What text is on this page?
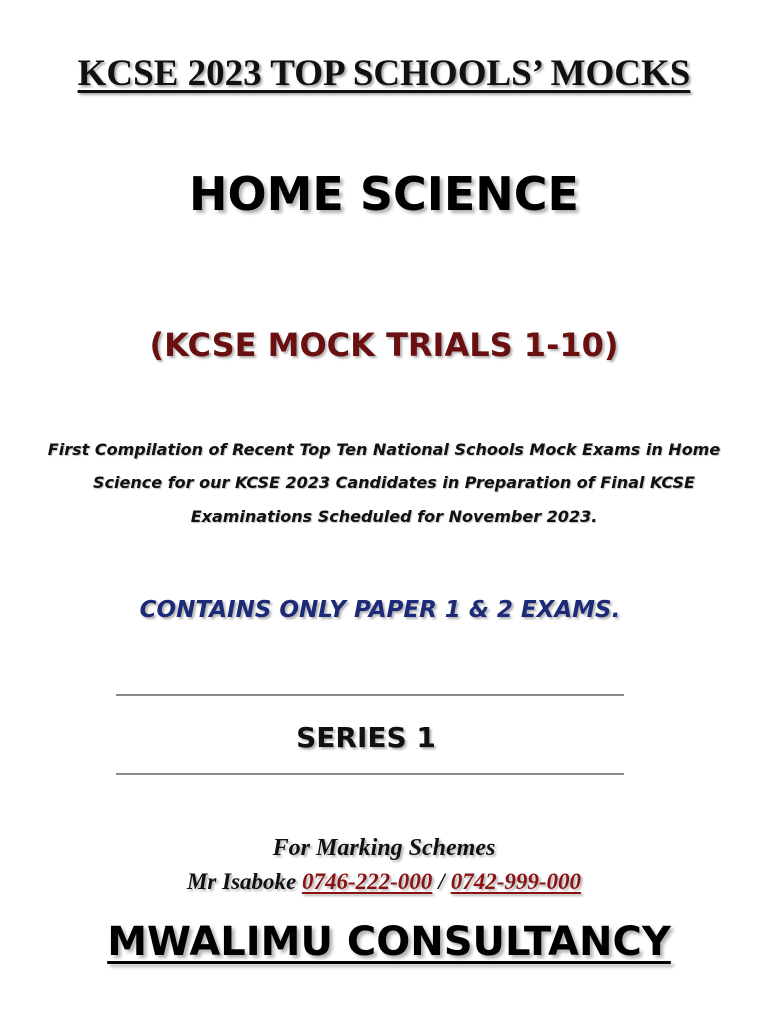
KCSE 2023 TOP SCHOOLS’ MOCKS
HOME SCIENCE
(KCSE MOCK TRIALS 1-10)

First Compilation of Recent Top Ten National Schools Mock Exams in Home

Science for our KCSE 2023 Candidates in Preparation of Final KCSE

Examinations Scheduled for November 2023.

CONTAINS ONLY PAPER 1 & 2 EXAMS.

SERIES 1

For Marking Schemes

Mr Isaboke 0746-222-000 / 0742-999-000

MWALIMU CONSULTANCY
